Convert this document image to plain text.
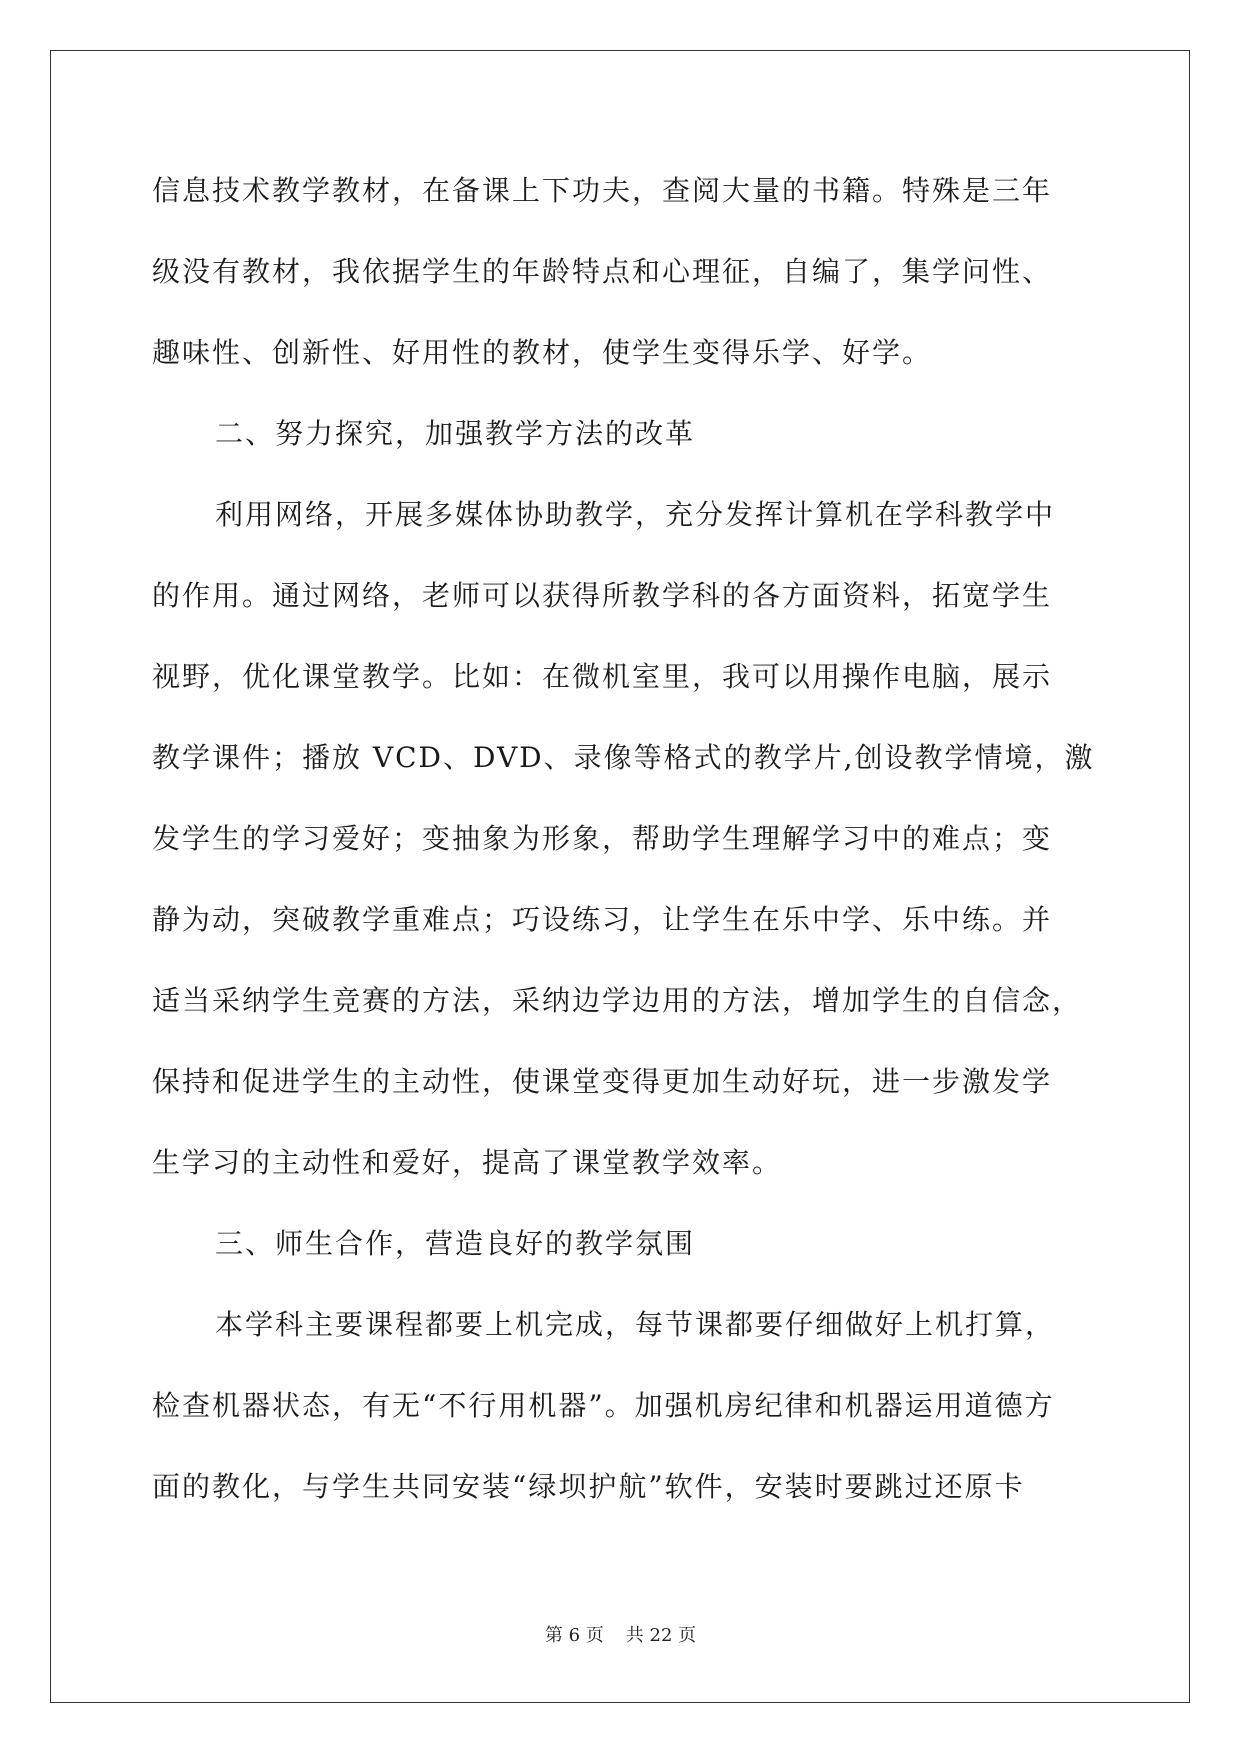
信息技术教学教材，在备课上下功夫，查阅大量的书籍。特殊是三年
级没有教材，我依据学生的年龄特点和心理征，自编了，集学问性、
趣味性、创新性、好用性的教材，使学生变得乐学、好学。
二、努力探究，加强教学方法的改革
利用网络，开展多媒体协助教学，充分发挥计算机在学科教学中
的作用。通过网络，老师可以获得所教学科的各方面资料，拓宽学生
视野，优化课堂教学。比如：在微机室里，我可以用操作电脑，展示
教学课件；播放 VCD、DVD、录像等格式的教学片,创设教学情境，激
发学生的学习爱好；变抽象为形象，帮助学生理解学习中的难点；变
静为动，突破教学重难点；巧设练习，让学生在乐中学、乐中练。并
适当采纳学生竞赛的方法，采纳边学边用的方法，增加学生的自信念，
保持和促进学生的主动性，使课堂变得更加生动好玩，进一步激发学
生学习的主动性和爱好，提高了课堂教学效率。
三、师生合作，营造良好的教学氛围
本学科主要课程都要上机完成，每节课都要仔细做好上机打算，
检查机器状态，有无“不行用机器”。加强机房纪律和机器运用道德方
面的教化，与学生共同安装“绿坝护航”软件，安装时要跳过还原卡
第 6 页 共 22 页
